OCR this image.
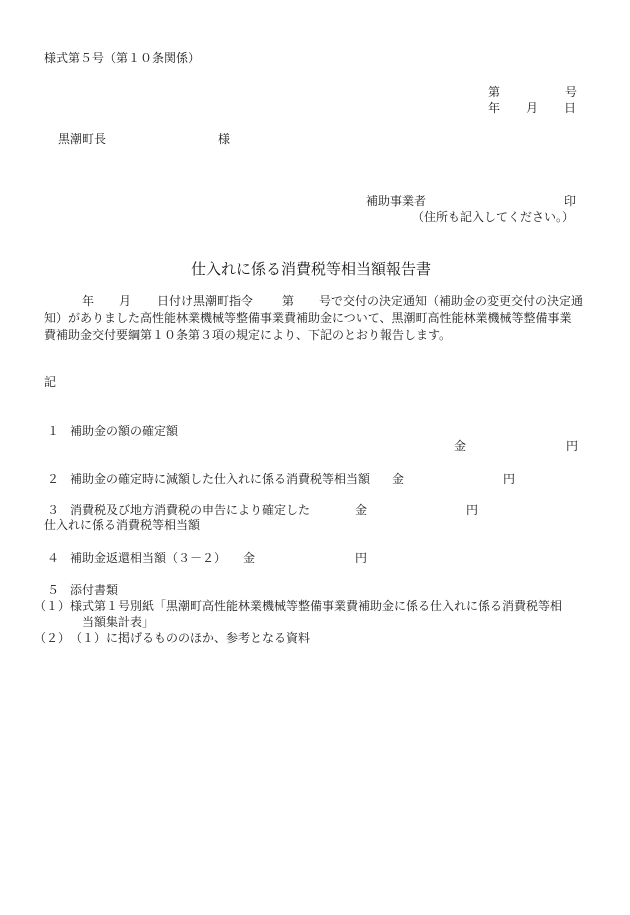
様式第５号（第１０条関係）
第	号
年 月 日
黒潮町長	様
補助事業者	印
（住所も記入してください。）
仕入れに係る消費税等相当額報告書
年 月 日付け黒潮町指令 第 号で交付の決定通知（補助金の変更交付の決定通
知）がありました高性能林業機械等整備事業費補助金について、黒潮町高性能林業機械等整備事業
費補助金交付要綱第１０条第３項の規定により、下記のとおり報告します。
記
１ 補助金の額の確定額
金	円
２ 補助金の確定時に減額した仕入れに係る消費税等相当額 金	円
３ 消費税及び地方消費税の申告により確定した	金	円
仕入れに係る消費税等相当額
４ 補助金返還相当額（３－２） 金	円
５ 添付書類
（１） 様式第１号別紙「黒潮町高性能林業機械等整備事業費補助金に係る仕入れに係る消費税等相
当額集計表」
（２） （１）に掲げるもののほか、参考となる資料
